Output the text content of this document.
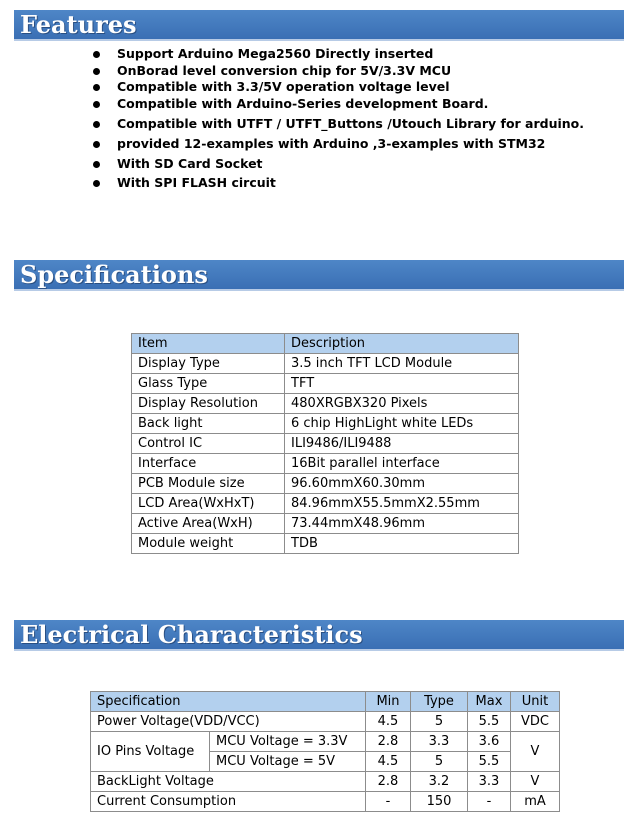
Features
Support Arduino Mega2560 Directly inserted
OnBorad level conversion chip for 5V/3.3V MCU
Compatible with 3.3/5V operation voltage level
Compatible with Arduino-Series development Board.
Compatible with UTFT / UTFT_Buttons /Utouch Library for arduino.
provided 12-examples with Arduino ,3-examples with STM32
With SD Card Socket
With SPI FLASH circuit
Specifications
Item	Description
Display Type	3.5 inch TFT LCD Module
Glass Type	TFT
Display Resolution	480XRGBX320 Pixels
Back light	6 chip HighLight white LEDs
Control IC	ILI9486/ILI9488
Interface	16Bit parallel interface
PCB Module size	96.60mmX60.30mm
LCD Area(WxHxT)	84.96mmX55.5mmX2.55mm
Active Area(WxH)	73.44mmX48.96mm
Module weight	TDB
Electrical Characteristics
Specification		Min	Type	Max	Unit
Power Voltage(VDD/VCC)		4.5	5	5.5	VDC
IO Pins Voltage	MCU Voltage = 3.3V	2.8	3.3	3.6	V
	MCU Voltage = 5V	4.5	5	5.5	
BackLight Voltage		2.8	3.2	3.3	V
Current Consumption		-	150	-	mA
